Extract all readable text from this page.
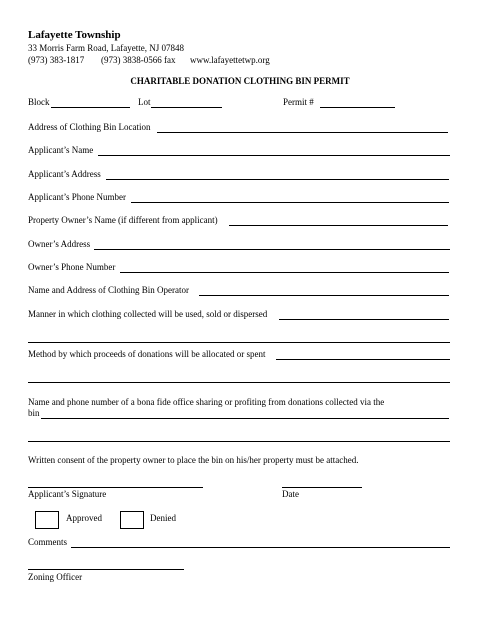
Lafayette Township
33 Morris Farm Road, Lafayette, NJ 07848
(973) 383-1817 (973) 3838-0566 fax www.lafayettetwp.org
CHARITABLE DONATION CLOTHING BIN PERMIT
Block	Lot	Permit #
Address of Clothing Bin Location
Applicant’s Name
Applicant’s Address
Applicant’s Phone Number
Property Owner’s Name (if different from applicant)
Owner’s Address
Owner’s Phone Number
Name and Address of Clothing Bin Operator
Manner in which clothing collected will be used, sold or dispersed
Method by which proceeds of donations will be allocated or spent
Name and phone number of a bona fide office sharing or profiting from donations collected via the
bin
Written consent of the property owner to place the bin on his/her property must be attached.
Applicant’s Signature	Date
Approved	Denied
Comments
Zoning Officer
